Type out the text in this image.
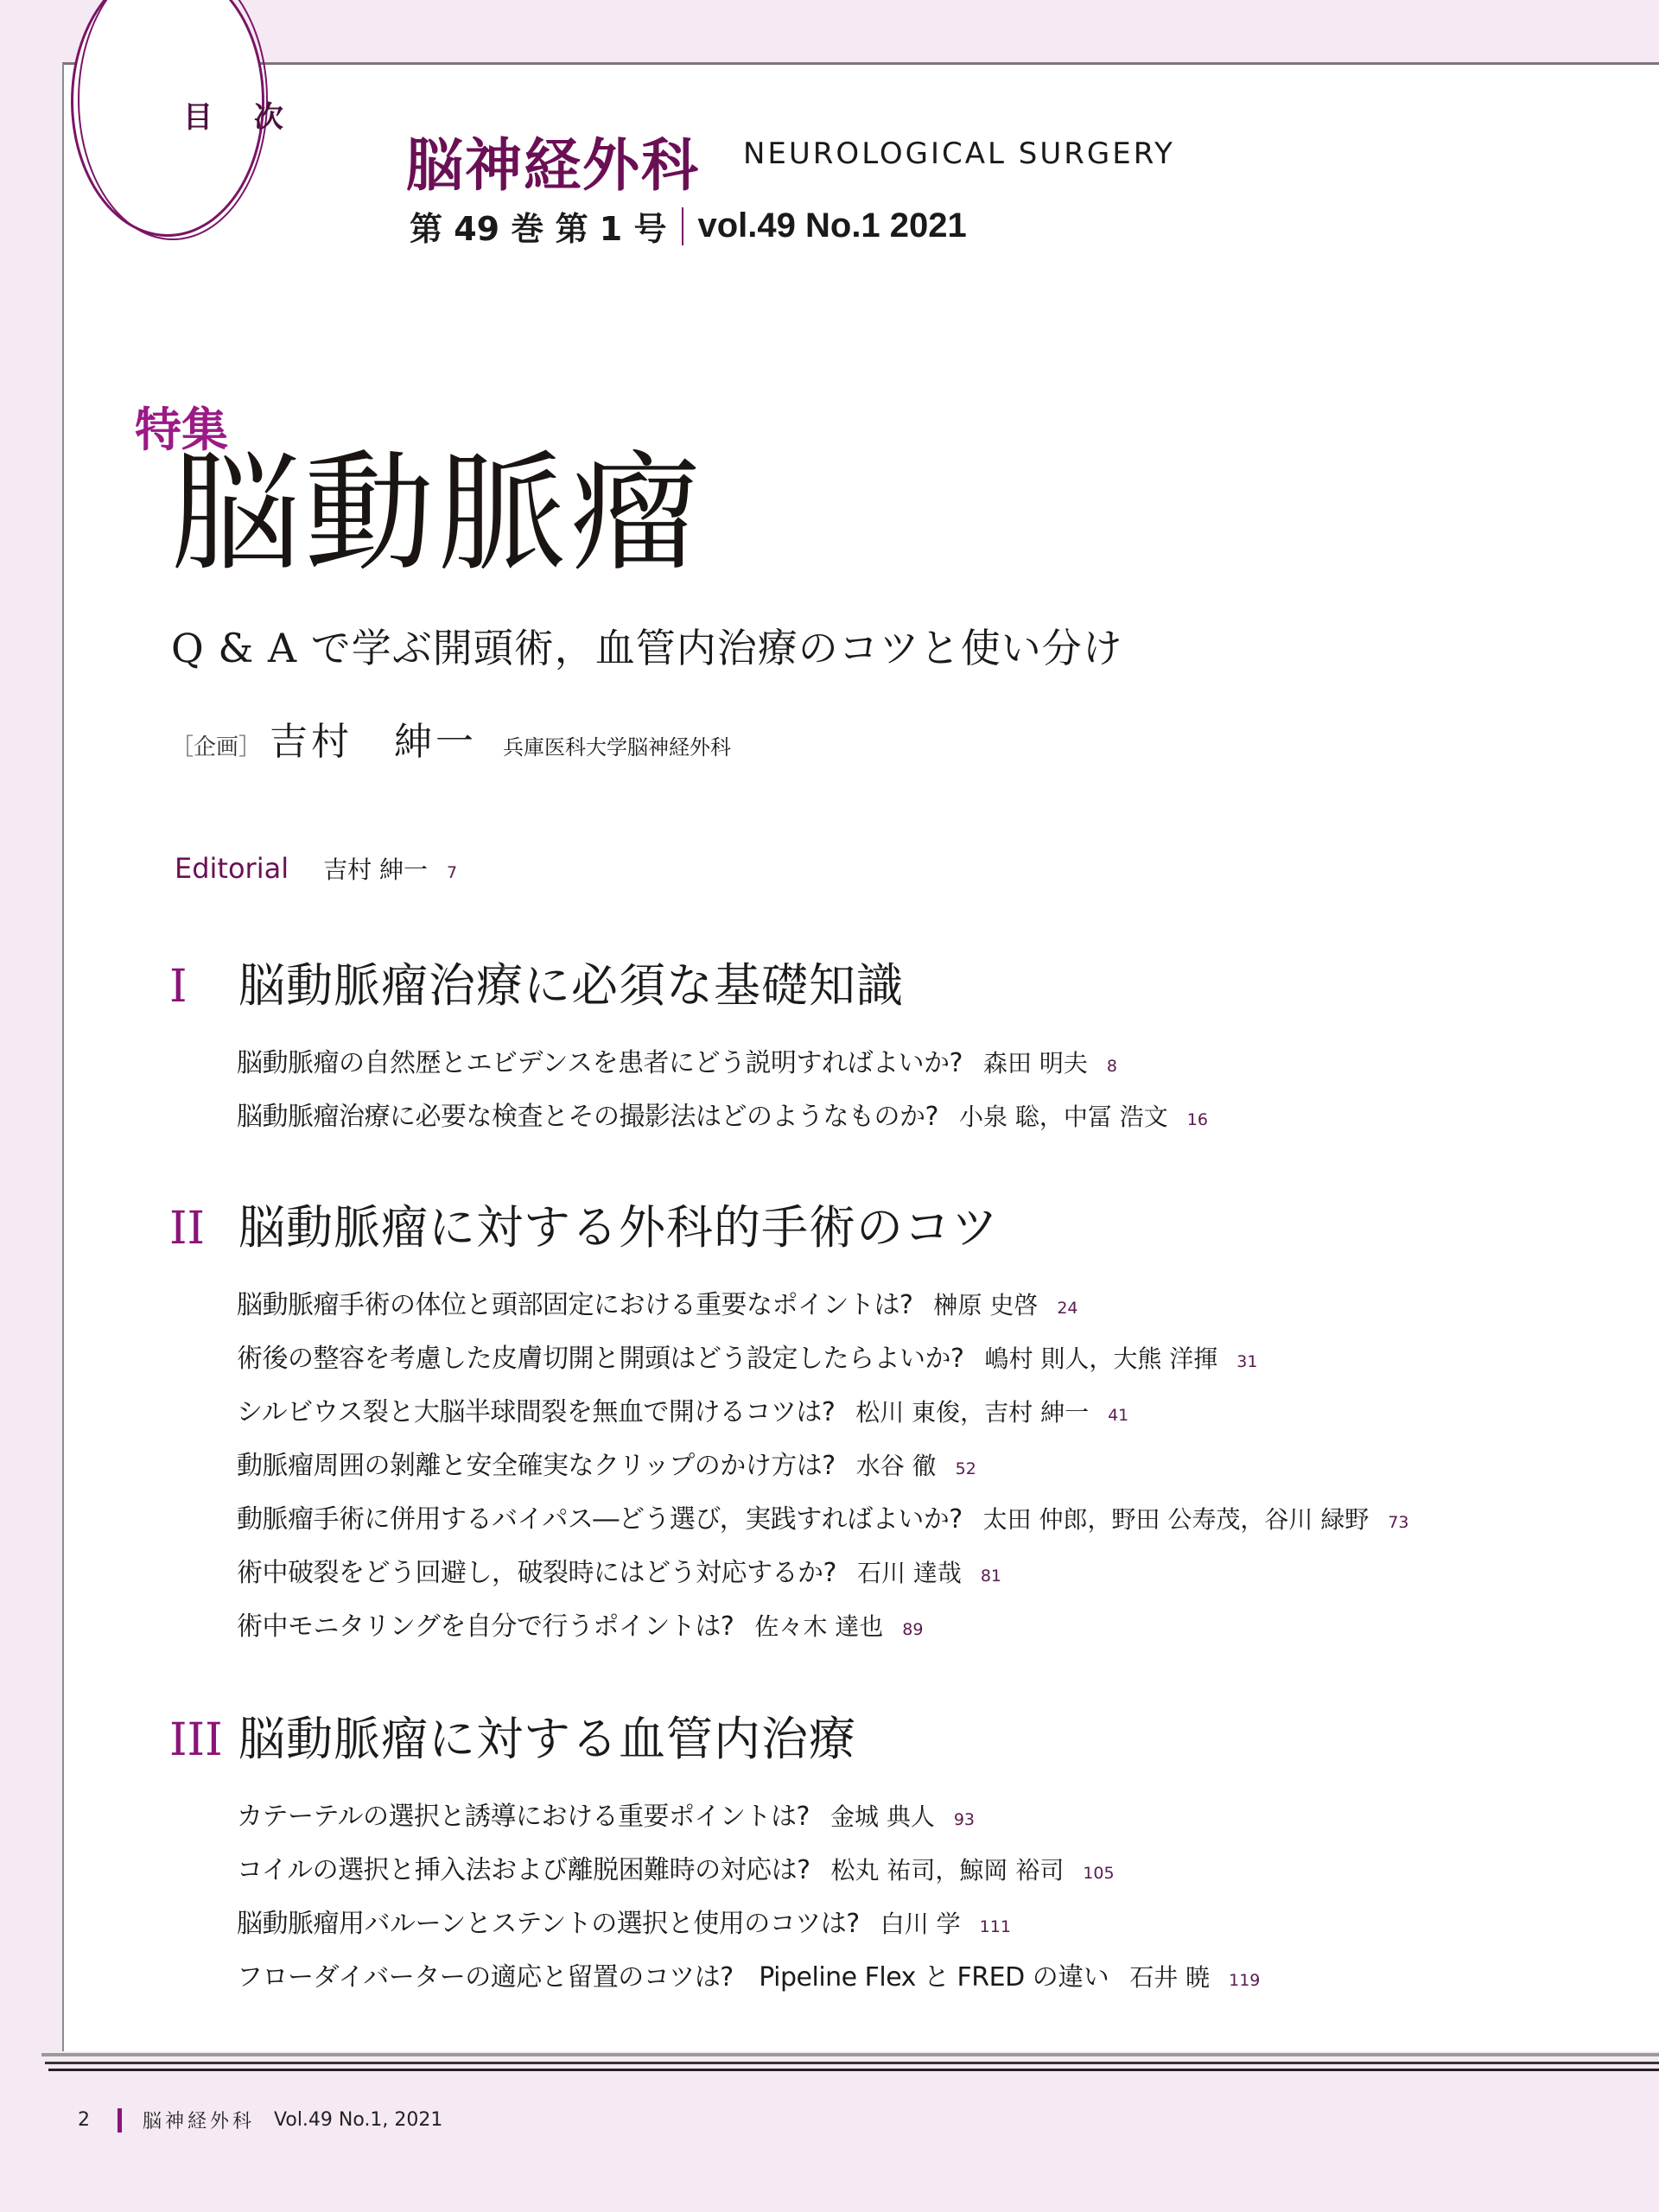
目 次
脳神経外科 NEUROLOGICAL SURGERY
第 49 巻 第 1 号 vol.49 No.1 2021
特集
脳動脈瘤
Q & A で学ぶ開頭術，血管内治療のコツと使い分け
［企画］ 吉村　紳一 兵庫医科大学脳神経外科
Editorial 吉村 紳一 7
I	脳動脈瘤治療に必須な基礎知識
脳動脈瘤の自然歴とエビデンスを患者にどう説明すればよいか? 森田 明夫 8
脳動脈瘤治療に必要な検査とその撮影法はどのようなものか? 小泉 聡，中冨 浩文 16
II 脳動脈瘤に対する外科的手術のコツ
脳動脈瘤手術の体位と頭部固定における重要なポイントは? 榊原 史啓 24
術後の整容を考慮した皮膚切開と開頭はどう設定したらよいか? 嶋村 則人，大熊 洋揮 31
シルビウス裂と大脳半球間裂を無血で開けるコツは? 松川 東俊，吉村 紳一 41
動脈瘤周囲の剝離と安全確実なクリップのかけ方は? 水谷 徹 52
動脈瘤手術に併用するバイパス―どう選び，実践すればよいか? 太田 仲郎，野田 公寿茂，谷川 緑野 73
術中破裂をどう回避し，破裂時にはどう対応するか? 石川 達哉 81
術中モニタリングを自分で行うポイントは? 佐々木 達也 89
III 脳動脈瘤に対する血管内治療
カテーテルの選択と誘導における重要ポイントは? 金城 典人 93
コイルの選択と挿入法および離脱困難時の対応は? 松丸 祐司，鯨岡 裕司 105
脳動脈瘤用バルーンとステントの選択と使用のコツは? 白川 学 111
フローダイバーターの適応と留置のコツは?　Pipeline Flex と FRED の違い 石井 暁 119
2	脳神経外科 Vol.49 No.1, 2021
